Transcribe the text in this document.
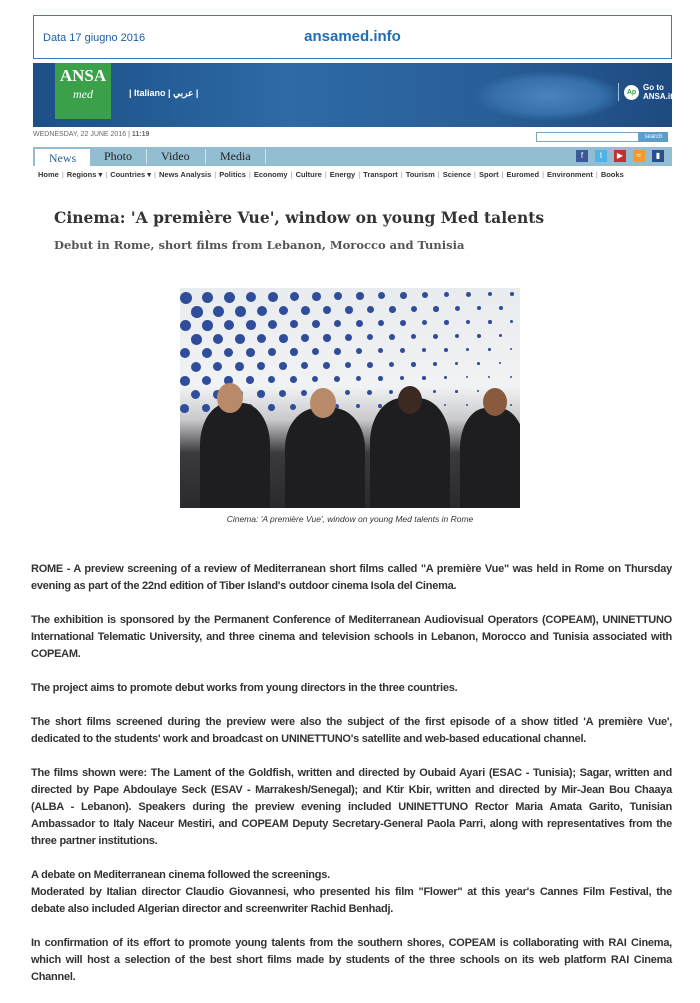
Data 17 giugno 2016	ansamed.info
ANSA
med	| Italiano | عربي |	Ap Go to ANSA.it
WEDNESDAY, 22 JUNE 2016 | 11:19	search
News	Photo	Video	Media	f	t	▶	≈	▮
Home | Regions ▾ | Countries ▾ | News Analysis | Politics | Economy | Culture | Energy | Transport | Tourism | Science | Sport | Euromed | Environment | Books
Cinema: 'A première Vue', window on young Med talents
Debut in Rome, short films from Lebanon, Morocco and Tunisia
Cinema: 'A première Vue', window on young Med talents in Rome

ROME - A preview screening of a review of Mediterranean short films called "A première Vue" was held in Rome on Thursday evening as part of the 22nd edition of Tiber Island's outdoor cinema Isola del Cinema.

The exhibition is sponsored by the Permanent Conference of Mediterranean Audiovisual Operators (COPEAM), UNINETTUNO International Telematic University, and three cinema and television schools in Lebanon, Morocco and Tunisia associated with COPEAM.

The project aims to promote debut works from young directors in the three countries.

The short films screened during the preview were also the subject of the first episode of a show titled 'A première Vue', dedicated to the students' work and broadcast on UNINETTUNO's satellite and web-based educational channel.

The films shown were: The Lament of the Goldfish, written and directed by Oubaid Ayari (ESAC - Tunisia); Sagar, written and directed by Pape Abdoulaye Seck (ESAV - Marrakesh/Senegal); and Ktir Kbir, written and directed by Mir-Jean Bou Chaaya (ALBA - Lebanon). Speakers during the preview evening included UNINETTUNO Rector Maria Amata Garito, Tunisian Ambassador to Italy Naceur Mestiri, and COPEAM Deputy Secretary-General Paola Parri, along with representatives from the three partner institutions.

A debate on Mediterranean cinema followed the screenings.

Moderated by Italian director Claudio Giovannesi, who presented his film "Flower" at this year's Cannes Film Festival, the debate also included Algerian director and screenwriter Rachid Benhadj.

In confirmation of its effort to promote young talents from the southern shores, COPEAM is collaborating with RAI Cinema, which will host a selection of the best short films made by students of the three schools on its web platform RAI Cinema Channel.
